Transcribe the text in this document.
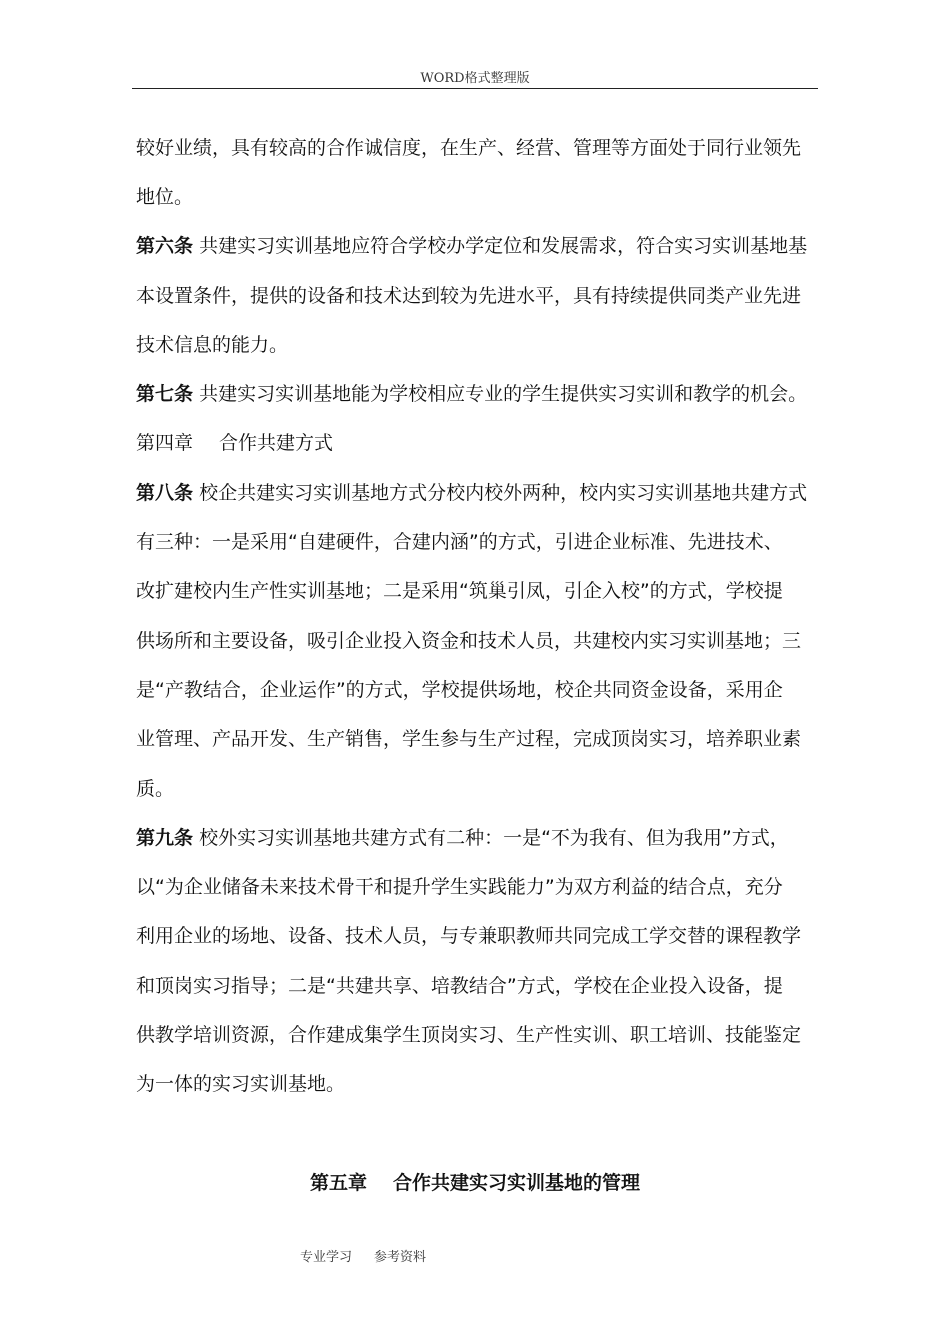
WORD格式整理版
较好业绩，具有较高的合作诚信度，在生产、经营、管理等方面处于同行业领先
地位。
第六条 共建实习实训基地应符合学校办学定位和发展需求，符合实习实训基地基
本设置条件，提供的设备和技术达到较为先进水平，具有持续提供同类产业先进
技术信息的能力。
第七条 共建实习实训基地能为学校相应专业的学生提供实习实训和教学的机会。
第四章 合作共建方式
第八条 校企共建实习实训基地方式分校内校外两种，校内实习实训基地共建方式
有三种：一是采用“自建硬件，合建内涵”的方式，引进企业标准、先进技术、
改扩建校内生产性实训基地；二是采用“筑巢引凤，引企入校”的方式，学校提
供场所和主要设备，吸引企业投入资金和技术人员，共建校内实习实训基地；三
是“产教结合，企业运作”的方式，学校提供场地，校企共同资金设备，采用企
业管理、产品开发、生产销售，学生参与生产过程，完成顶岗实习，培养职业素
质。
第九条 校外实习实训基地共建方式有二种：一是“不为我有、但为我用”方式，
以“为企业储备未来技术骨干和提升学生实践能力”为双方利益的结合点，充分
利用企业的场地、设备、技术人员，与专兼职教师共同完成工学交替的课程教学
和顶岗实习指导；二是“共建共享、培教结合”方式，学校在企业投入设备，提
供教学培训资源，合作建成集学生顶岗实习、生产性实训、职工培训、技能鉴定
为一体的实习实训基地。
第五章 合作共建实习实训基地的管理
专业学习 参考资料
